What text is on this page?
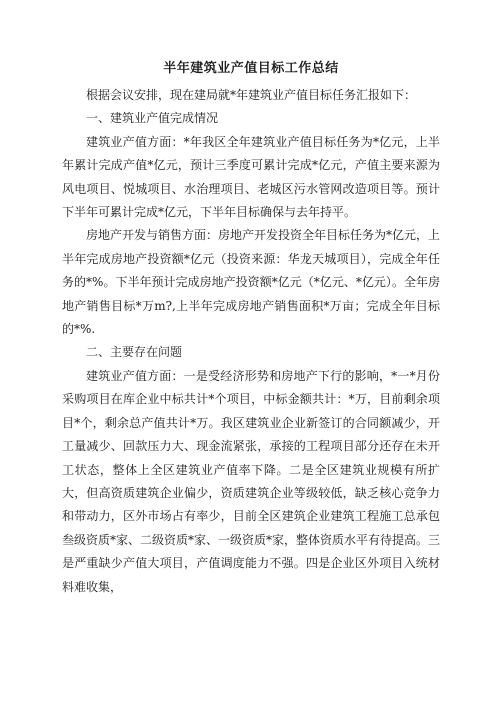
半年建筑业产值目标工作总结

根据会议安排，现在建局就*年建筑业产值目标任务汇报如下：

一、建筑业产值完成情况

建筑业产值方面：*年我区全年建筑业产值目标任务为*亿元，上半年累计完成产值*亿元，预计三季度可累计完成*亿元，产值主要来源为风电项目、悦城项目、水治理项目、老城区污水管网改造项目等。预计下半年可累计完成*亿元，下半年目标确保与去年持平。

房地产开发与销售方面：房地产开发投资全年目标任务为*亿元，上半年完成房地产投资额*亿元（投资来源：华龙天城项目），完成全年任务的*%。下半年预计完成房地产投资额*亿元（*亿元、*亿元）。全年房地产销售目标*万m?,上半年完成房地产销售面积*万亩；完成全年目标的*%.

二、主要存在问题

建筑业产值方面：一是受经济形势和房地产下行的影响，*一*月份采购项目在库企业中标共计*个项目，中标金额共计：*万，目前剩余项目*个，剩余总产值共计*万。我区建筑业企业新签订的合同额减少，开工量减少、回款压力大、现金流紧张，承接的工程项目部分还存在未开工状态，整体上全区建筑业产值率下降。二是全区建筑业规模有所扩大，但高资质建筑企业偏少，资质建筑企业等级较低，缺乏核心竞争力和带动力，区外市场占有率少，目前全区建筑企业建筑工程施工总承包叁级资质*家、二级资质*家、一级资质*家，整体资质水平有待提高。三是严重缺少产值大项目，产值调度能力不强。四是企业区外项目入统材料难收集，
